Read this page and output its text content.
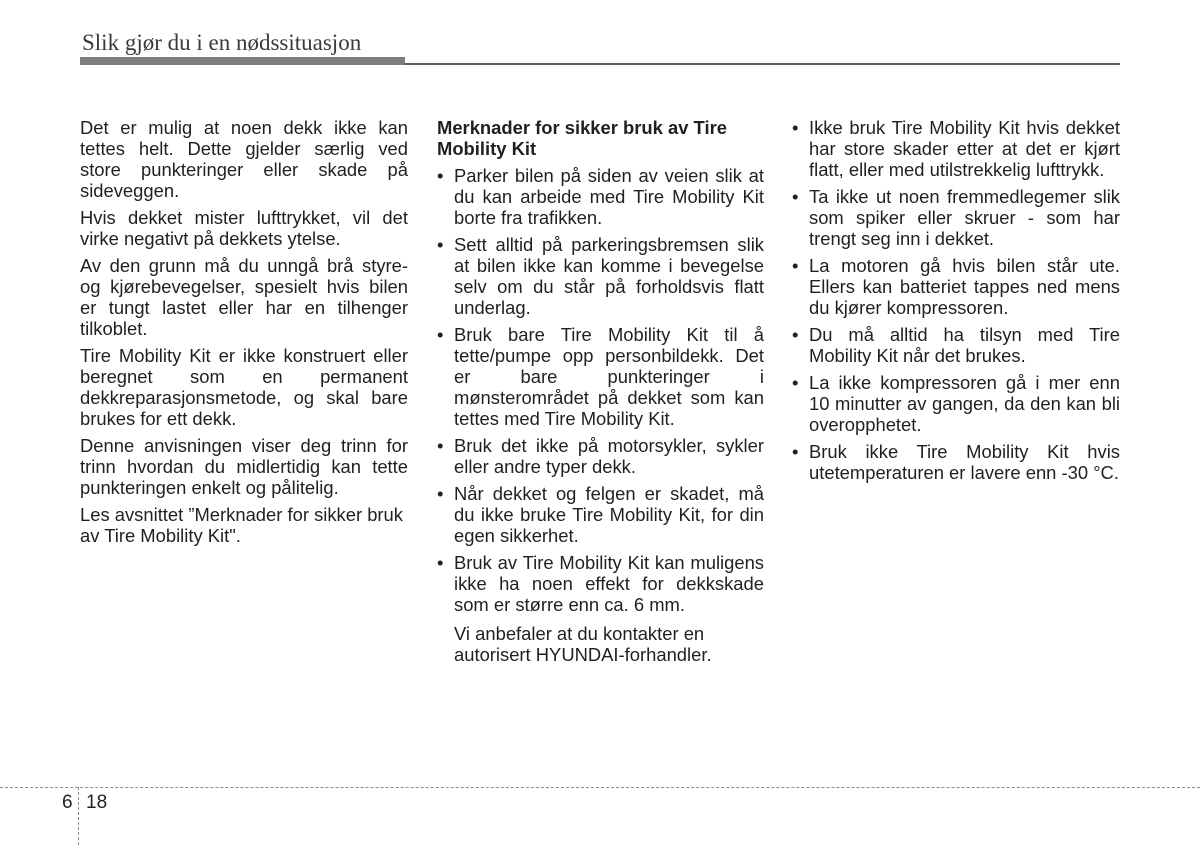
Slik gjør du i en nødssituasjon

Det er mulig at noen dekk ikke kan tettes helt. Dette gjelder særlig ved store punkteringer eller skade på sideveggen.

Hvis dekket mister lufttrykket, vil det virke negativt på dekkets ytelse.

Av den grunn må du unngå brå styre- og kjørebevegelser, spesielt hvis bilen er tungt lastet eller har en tilhenger tilkoblet.

Tire Mobility Kit er ikke konstruert eller beregnet som en permanent dekkreparasjonsmetode, og skal bare brukes for ett dekk.

Denne anvisningen viser deg trinn for trinn hvordan du midlertidig kan tette punkteringen enkelt og pålitelig.

Les avsnittet ”Merknader for sikker bruk av Tire Mobility Kit".

Merknader for sikker bruk av Tire Mobility Kit
• Parker bilen på siden av veien slik at du kan arbeide med Tire Mobility Kit borte fra trafikken.
• Sett alltid på parkeringsbremsen slik at bilen ikke kan komme i bevegelse selv om du står på forholdsvis flatt underlag.
• Bruk bare Tire Mobility Kit til å tette/pumpe opp personbildekk. Det er bare punkteringer i mønsterområdet på dekket som kan tettes med Tire Mobility Kit.
• Bruk det ikke på motorsykler, sykler eller andre typer dekk.
• Når dekket og felgen er skadet, må du ikke bruke Tire Mobility Kit, for din egen sikkerhet.
• Bruk av Tire Mobility Kit kan muligens ikke ha noen effekt for dekkskade som er større enn ca. 6 mm.
Vi anbefaler at du kontakter en autorisert HYUNDAI-forhandler.
• Ikke bruk Tire Mobility Kit hvis dekket har store skader etter at det er kjørt flatt, eller med utilstrekkelig lufttrykk.
• Ta ikke ut noen fremmedlegemer slik som spiker eller skruer - som har trengt seg inn i dekket.
• La motoren gå hvis bilen står ute. Ellers kan batteriet tappes ned mens du kjører kompressoren.
• Du må alltid ha tilsyn med Tire Mobility Kit når det brukes.
• La ikke kompressoren gå i mer enn 10 minutter av gangen, da den kan bli overopphetet.
• Bruk ikke Tire Mobility Kit hvis utetemperaturen er lavere enn -30 °C.
6 18
